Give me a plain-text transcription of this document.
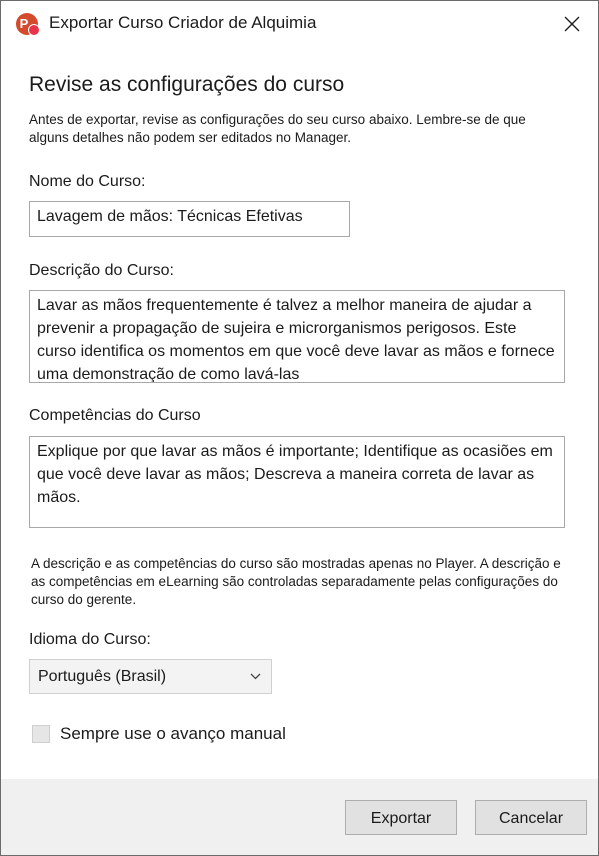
P Exportar Curso Criador de Alquimia
Revise as configurações do curso
Antes de exportar, revise as configurações do seu curso abaixo. Lembre-se de que alguns detalhes não podem ser editados no Manager.
Nome do Curso:
Lavagem de mãos: Técnicas Efetivas
Descrição do Curso:
Lavar as mãos frequentemente é talvez a melhor maneira de ajudar a prevenir a propagação de sujeira e microrganismos perigosos. Este curso identifica os momentos em que você deve lavar as mãos e fornece uma demonstração de como lavá-las
Competências do Curso
Explique por que lavar as mãos é importante; Identifique as ocasiões em que você deve lavar as mãos; Descreva a maneira correta de lavar as mãos.
A descrição e as competências do curso são mostradas apenas no Player. A descrição e as competências em eLearning são controladas separadamente pelas configurações do curso do gerente.
Idioma do Curso:
Português (Brasil)
Sempre use o avanço manual
Exportar	Cancelar
